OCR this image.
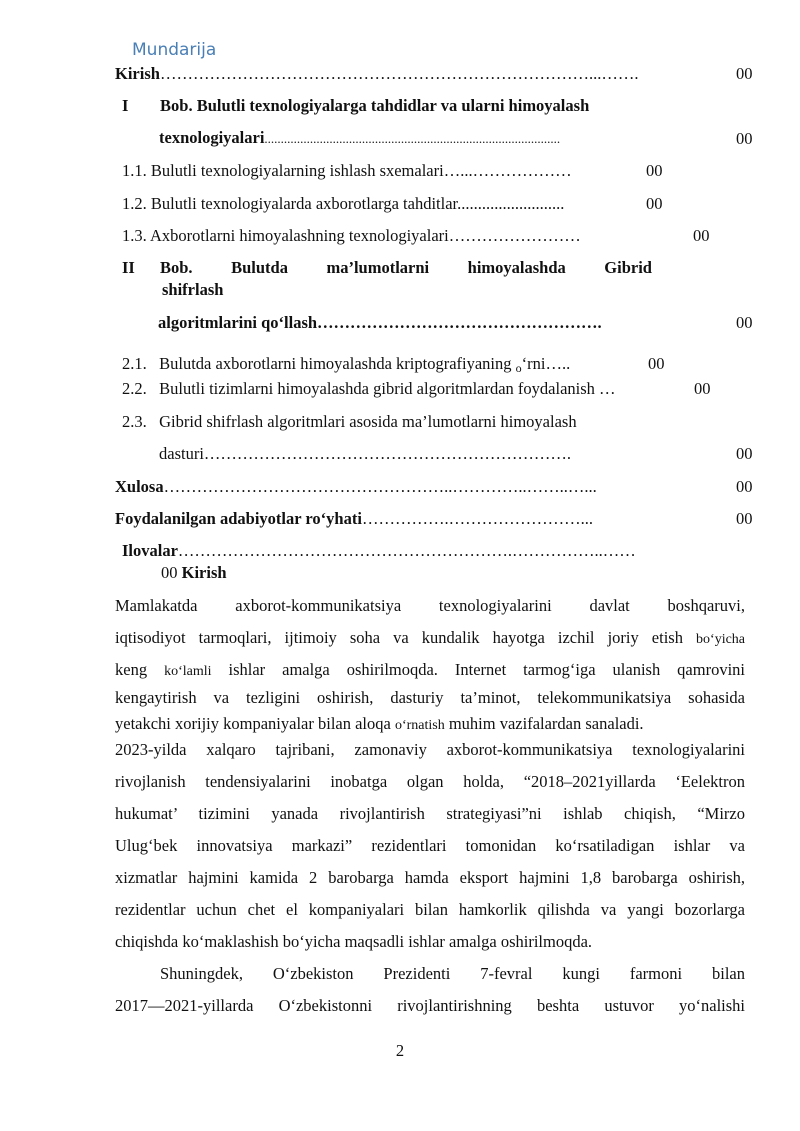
Mundarija
Kirish……………………………………………………………………...…….	00
I Bob. Bulutli texnologiyalarga tahdidlar va ularni himoyalash
texnologiyalari...........................................................................................	00
1.1. Bulutli texnologiyalarning ishlash sxemalari…...………………	00
1.2. Bulutli texnologiyalarda axborotlarga tahditlar..........................	00
1.3. Axborotlarni himoyalashning texnologiyalari……………………	00
II Bob. Bulutda ma’lumotlarni himoyalashda Gibrid
shifrlash
algoritmlarini qo‘llash…………………………………………….	00
2.1. Bulutda axborotlarni himoyalashda kriptografiyaning $_o$‘rni…..	00
2.2. Bulutli tizimlarni himoyalashda gibrid algoritmlardan foydalanish …	00
2.3. Gibrid shifrlash algoritmlari asosida ma’lumotlarni himoyalash
dasturi………………………………………………………….	00
Xulosa……………………………………………..…………..……..…...	00
Foydalanilgan adabiyotlar ro‘yhati…………….……………………...	00
Ilovalar…………………………………………………….……………..……
00 Kirish
Mamlakatda axborot-kommunikatsiya texnologiyalarini davlat boshqaruvi,
iqtisodiyot tarmoqlari, ijtimoiy soha va kundalik hayotga izchil joriy etish bo‘yicha
keng ko‘lamli ishlar amalga oshirilmoqda. Internet tarmog‘iga ulanish qamrovini
kengaytirish va tezligini oshirish, dasturiy ta’minot, telekommunikatsiya sohasida
yetakchi xorijiy kompaniyalar bilan aloqa o‘rnatish muhim vazifalardan sanaladi.
2023-yilda xalqaro tajribani, zamonaviy axborot-kommunikatsiya texnologiyalarini
rivojlanish tendensiyalarini inobatga olgan holda, “2018–2021yillarda ‘Eelektron
hukumat’ tizimini yanada rivojlantirish strategiyasi”ni ishlab chiqish, “Mirzo
Ulug‘bek innovatsiya markazi” rezidentlari tomonidan ko‘rsatiladigan ishlar va
xizmatlar hajmini kamida 2 barobarga hamda eksport hajmini 1,8 barobarga oshirish,
rezidentlar uchun chet el kompaniyalari bilan hamkorlik qilishda va yangi bozorlarga
chiqishda ko‘maklashish bo‘yicha maqsadli ishlar amalga oshirilmoqda.
Shuningdek, O‘zbekiston Prezidenti 7-fevral kungi farmoni bilan
2017—2021-yillarda O‘zbekistonni rivojlantirishning beshta ustuvor yo‘nalishi
2
